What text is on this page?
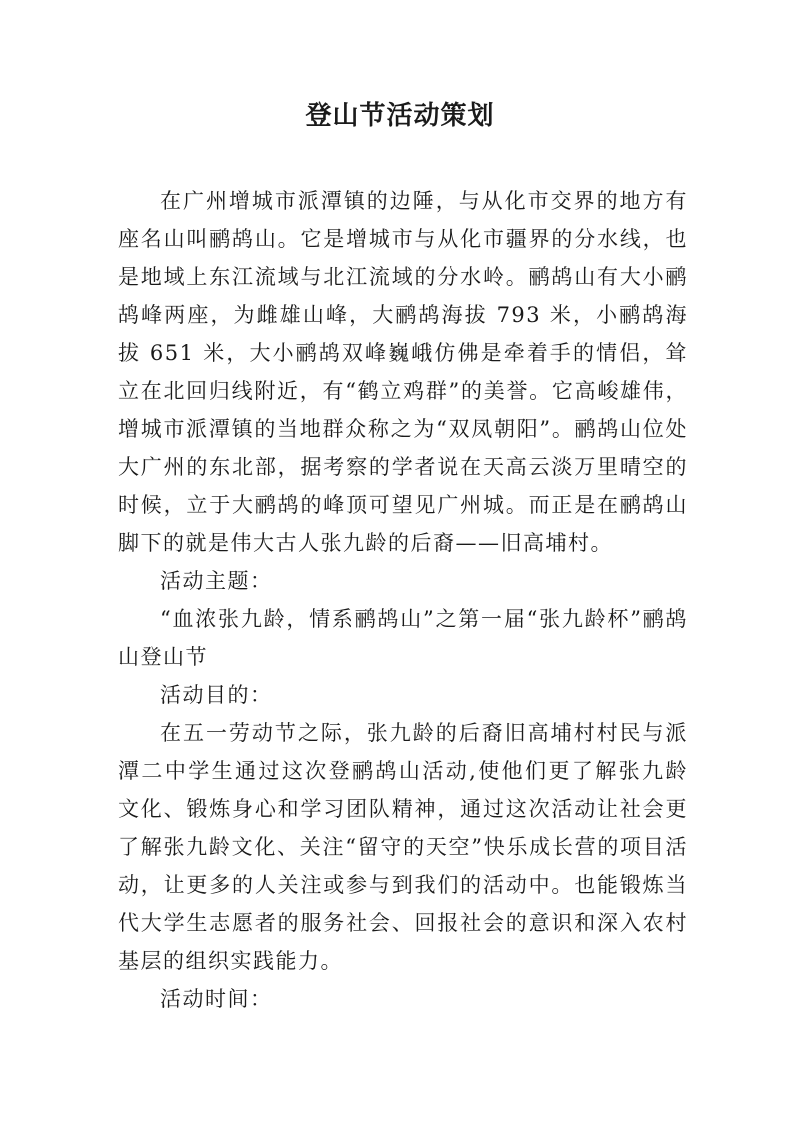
登山节活动策划

在广州增城市派潭镇的边陲，与从化市交界的地方有座名山叫鹂鸪山。它是增城市与从化市疆界的分水线，也是地域上东江流域与北江流域的分水岭。鹂鸪山有大小鹂鸪峰两座，为雌雄山峰，大鹂鸪海拔 793 米，小鹂鸪海拔 651 米，大小鹂鸪双峰巍峨仿佛是牵着手的情侣，耸立在北回归线附近，有“鹤立鸡群”的美誉。它高峻雄伟，增城市派潭镇的当地群众称之为“双凤朝阳”。鹂鸪山位处大广州的东北部，据考察的学者说在天高云淡万里晴空的时候，立于大鹂鸪的峰顶可望见广州城。而正是在鹂鸪山脚下的就是伟大古人张九龄的后裔——旧高埔村。

活动主题：

“血浓张九龄，情系鹂鸪山”之第一届“张九龄杯”鹂鸪山登山节

活动目的：

在五一劳动节之际，张九龄的后裔旧高埔村村民与派潭二中学生通过这次登鹂鸪山活动,使他们更了解张九龄文化、锻炼身心和学习团队精神，通过这次活动让社会更了解张九龄文化、关注“留守的天空”快乐成长营的项目活动，让更多的人关注或参与到我们的活动中。也能锻炼当代大学生志愿者的服务社会、回报社会的意识和深入农村基层的组织实践能力。

活动时间：
